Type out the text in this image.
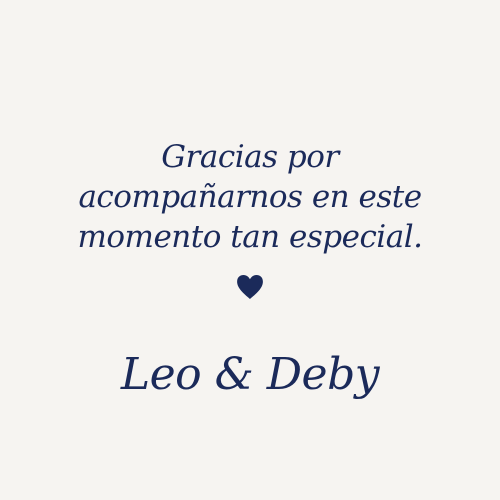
Gracias por
acompañarnos en este
momento tan especial.
Leo & Deby
